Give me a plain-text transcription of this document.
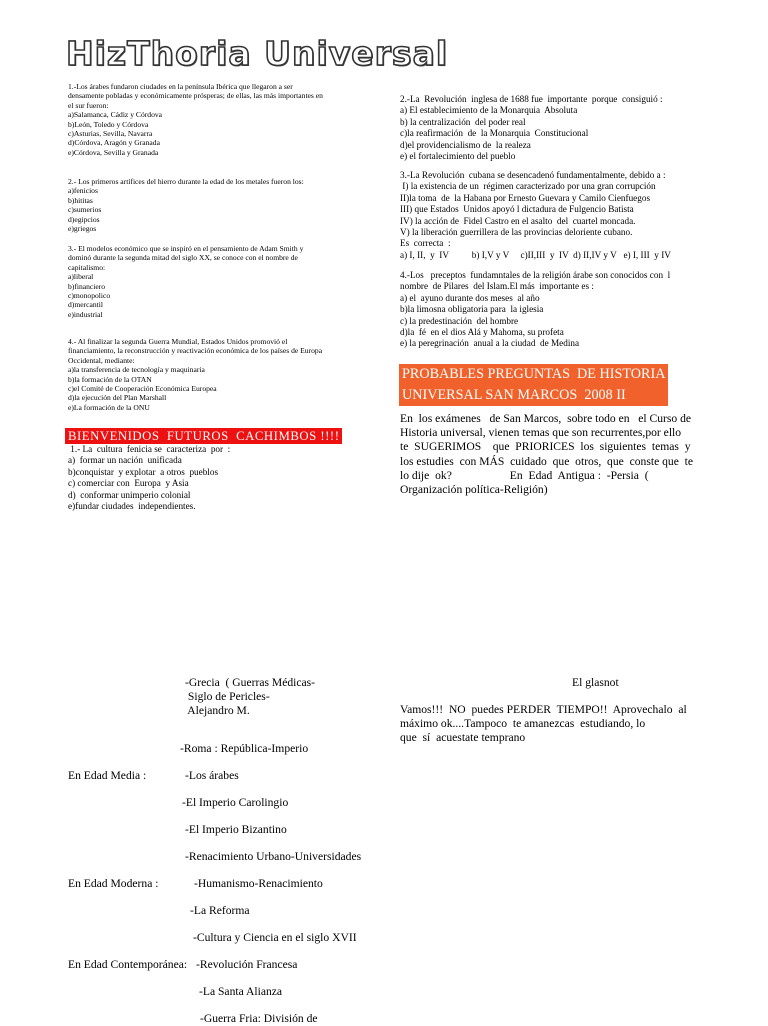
HizThoria Universal
1.-Los árabes fundaron ciudades en la península Ibérica que llegaron a ser
densamente pobladas y económicamente prósperas; de ellas, las más importantes en
el sur fueron:
a)Salamanca, Cádiz y Córdova
b)León, Toledo y Córdova
c)Asturias, Sevilla, Navarra
d)Córdova, Aragón y Granada
e)Córdova, Sevilla y Granada
2.- Los primeros artífices del hierro durante la edad de los metales fueron los:
a)fenicios
b)hititas
c)sumerios
d)egipcios
e)griegos
3.- El modelos económico que se inspiró en el pensamiento de Adam Smith y
dominó durante la segunda mitad del siglo XX, se conoce con el nombre de
capitalismo:
a)liberal
b)financiero
c)monopolico
d)mercantil
e)industrial
4.- Al finalizar la segunda Guerra Mundial, Estados Unidos promovió el
financiamiento, la reconstrucción y reactivación económica de los países de Europa
Occidental, mediante:
a)la transferencia de tecnología y maquinaria
b)la formación de la OTAN
c)el Comité de Cooperación Económica Europea
d)la ejecución del Plan Marshall
e)La formación de la ONU
BIENVENIDOS  FUTUROS  CACHIMBOS !!!!
1.- La  cultura  fenicia se  caracteriza  por  :
a)  formar un nación  unificada
b)conquistar  y explotar  a otros  pueblos
c) comerciar con  Europa  y Asia
d)  conformar unimperio colonial
e)fundar ciudades  independientes.
2.-La  Revolución  inglesa de 1688 fue  importante  porque  consiguió :
a) El establecimiento de la Monarquia  Absoluta
b) la centralización  del poder real
c)la reafirmación  de  la Monarquia  Constitucional
d)el providencialismo de  la realeza
e) el fortalecimiento del pueblo
3.-La Revolución  cubana se desencadenó fundamentalmente, debido a :
I) la existencia de un  régimen caracterizado por una gran corrupción
II)la toma  de  la Habana por Ernesto Guevara y Camilo Cienfuegos
III) que Estados  Unidos apoyó l dictadura de Fulgencio Batista
IV) la acción de  Fidel Castro en el asalto  del  cuartel moncada.
V) la liberación guerrillera de las provincias deloriente cubano.
Es  correcta  :
a) I, II,  y  IV          b) I,V y V     c)II,III  y  IV  d) II,IV y V   e) I, III  y IV
4.-Los   preceptos  fundamntales de la religión árabe son conocidos con  l
nombre  de Pilares  del Islam.El más  importante es :
a) el  ayuno durante dos meses  al año
b)la limosna obligatoria para  la iglesia
c) la predestinación  del hombre
d)la  fé  en el dios Alá y Mahoma, su profeta
e) la peregrinación  anual a la ciudad  de Medina
PROBABLES PREGUNTAS  DE HISTORIA
UNIVERSAL SAN MARCOS  2008 II
En  los exámenes   de San Marcos,  sobre todo en   el Curso de
Historia universal, vienen temas que son recurrentes,por ello
te  SUGERIMOS    que  PRIORICES  los  siguientes  temas  y
los estudies  con MÁS  cuidado  que  otros,  que  conste que  te
lo dije  ok?                    En  Edad  Antigua :  -Persia  (
Organización política-Religión)
El glasnot
Vamos!!!  NO  puedes PERDER  TIEMPO!!  Aprovechalo  al
máximo ok....Tampoco  te amanezcas  estudiando, lo
que  sí  acuestate temprano
-Grecia  ( Guerras Médicas-
Siglo de Pericles-
Alejandro M.
-Roma : República-Imperio
En Edad Media :	-Los árabes
-El Imperio Carolingio
-El Imperio Bizantino
-Renacimiento Urbano-Universidades
En Edad Moderna :	-Humanismo-Renacimiento
-La Reforma
-Cultura y Ciencia en el siglo XVII
En Edad Contemporánea: -Revolución Francesa
-La Santa Alianza
-Guerra Fria: División de
